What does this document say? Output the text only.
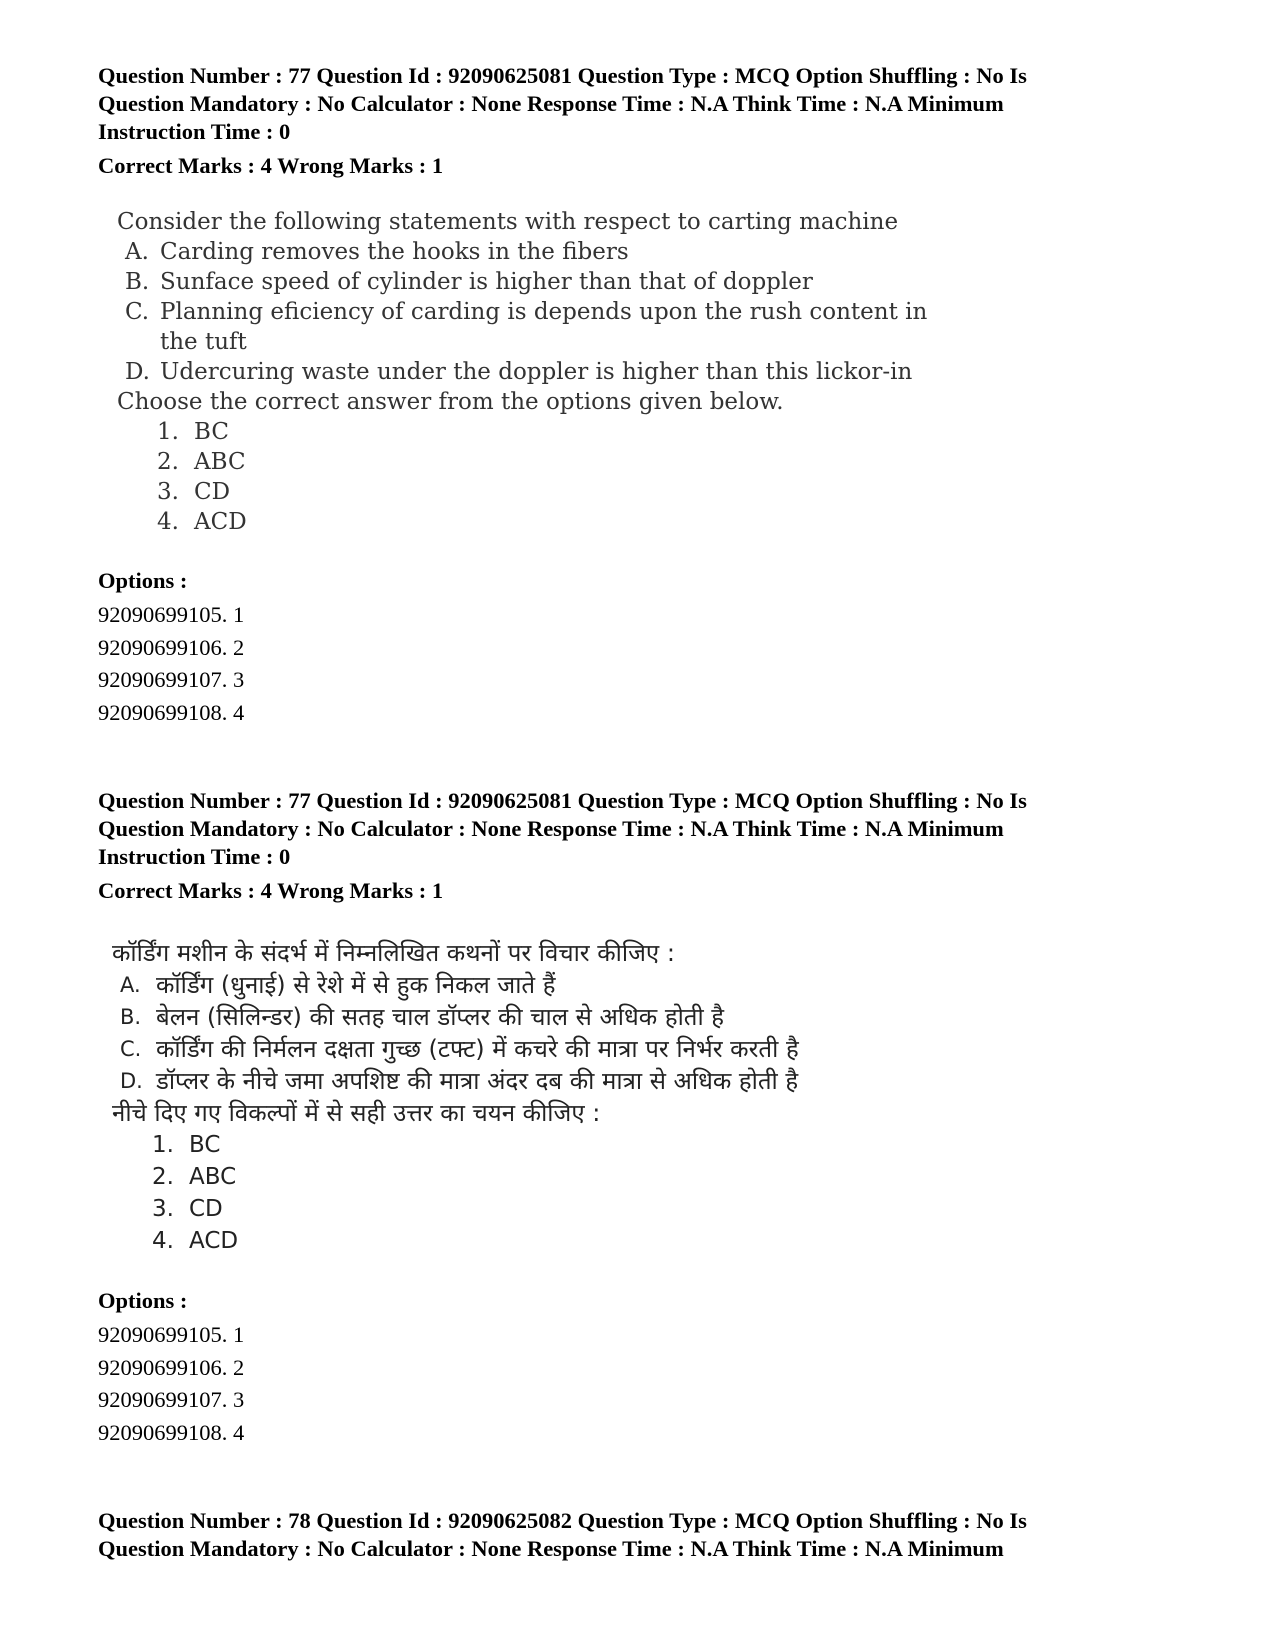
Question Number : 77 Question Id : 92090625081 Question Type : MCQ Option Shuffling : No Is
Question Mandatory : No Calculator : None Response Time : N.A Think Time : N.A Minimum
Instruction Time : 0
Correct Marks : 4 Wrong Marks : 1
Consider the following statements with respect to carting machine
A. Carding removes the hooks in the fibers
B. Sunface speed of cylinder is higher than that of doppler
C. Planning eficiency of carding is depends upon the rush content in the tuft
D. Udercuring waste under the doppler is higher than this lickor-in
Choose the correct answer from the options given below.
1. BC
2. ABC
3. CD
4. ACD
Options :
92090699105. 1
92090699106. 2
92090699107. 3
92090699108. 4
Question Number : 77 Question Id : 92090625081 Question Type : MCQ Option Shuffling : No Is
Question Mandatory : No Calculator : None Response Time : N.A Think Time : N.A Minimum
Instruction Time : 0
Correct Marks : 4 Wrong Marks : 1
कॉर्डिंग मशीन के संदर्भ में निम्नलिखित कथनों पर विचार कीजिए :
A. कॉर्डिंग (धुनाई) से रेशे में से हुक निकल जाते हैं
B. बेलन (सिलिन्डर) की सतह चाल डॉप्लर की चाल से अधिक होती है
C. कॉर्डिंग की निर्मलन दक्षता गुच्छ (टफ्ट) में कचरे की मात्रा पर निर्भर करती है
D. डॉप्लर के नीचे जमा अपशिष्ट की मात्रा अंदर दब की मात्रा से अधिक होती है
नीचे दिए गए विकल्पों में से सही उत्तर का चयन कीजिए :
1. BC
2. ABC
3. CD
4. ACD
Options :
92090699105. 1
92090699106. 2
92090699107. 3
92090699108. 4
Question Number : 78 Question Id : 92090625082 Question Type : MCQ Option Shuffling : No Is
Question Mandatory : No Calculator : None Response Time : N.A Think Time : N.A Minimum
